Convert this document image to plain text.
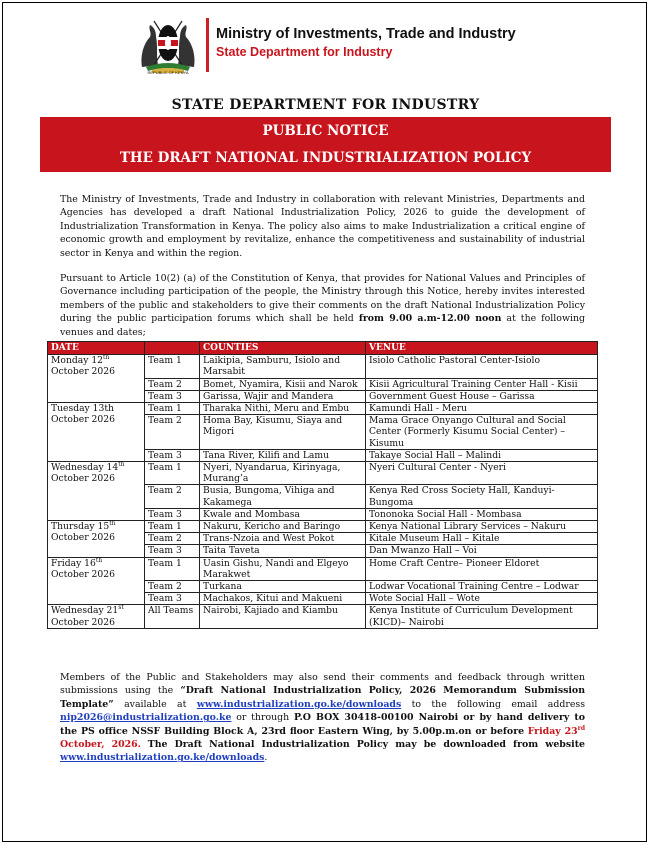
REPUBLIC OF KENYA
Ministry of Investments, Trade and Industry
State Department for Industry
STATE DEPARTMENT FOR INDUSTRY
PUBLIC NOTICE
THE DRAFT NATIONAL INDUSTRIALIZATION POLICY
The Ministry of Investments, Trade and Industry in collaboration with relevant Ministries, Departments and Agencies has developed a draft National Industrialization Policy, 2026 to guide the development of Industrialization Transformation in Kenya. The policy also aims to make Industrialization a critical engine of economic growth and employment by revitalize, enhance the competitiveness and sustainability of industrial sector in Kenya and within the region.
Pursuant to Article 10(2) (a) of the Constitution of Kenya, that provides for National Values and Principles of Governance including participation of the people, the Ministry through this Notice, hereby invites interested members of the public and stakeholders to give their comments on the draft National Industrialization Policy during the public participation forums which shall be held from 9.00 a.m-12.00 noon at the following venues and dates;
DATE		COUNTIES	VENUE
Monday 12th
October 2026	Team 1	Laikipia, Samburu, Isiolo and Marsabit	Isiolo Catholic Pastoral Center-Isiolo
	Team 2	Bomet, Nyamira, Kisii and Narok	Kisii Agricultural Training Center Hall - Kisii
	Team 3	Garissa, Wajir and Mandera	Government Guest House – Garissa
Tuesday 13th
October 2026	Team 1	Tharaka Nithi, Meru and Embu	Kamundi Hall - Meru
	Team 2	Homa Bay, Kisumu, Siaya and Migori	Mama Grace Onyango Cultural and Social Center (Formerly Kisumu Social Center) – Kisumu
	Team 3	Tana River, Kilifi and Lamu	Takaye Social Hall – Malindi
Wednesday 14th
October 2026	Team 1	Nyeri, Nyandarua, Kirinyaga, Murang’a	Nyeri Cultural Center - Nyeri
	Team 2	Busia, Bungoma, Vihiga and Kakamega	Kenya Red Cross Society Hall, Kanduyi- Bungoma
	Team 3	Kwale and Mombasa	Tononoka Social Hall - Mombasa
Thursday 15th
October 2026	Team 1	Nakuru, Kericho and Baringo	Kenya National Library Services – Nakuru
	Team 2	Trans-Nzoia and West Pokot	Kitale Museum Hall – Kitale
	Team 3	Taita Taveta	Dan Mwanzo Hall – Voi
Friday 16th
October 2026	Team 1	Uasin Gishu, Nandi and Elgeyo Marakwet	Home Craft Centre– Pioneer Eldoret
	Team 2	Turkana	Lodwar Vocational Training Centre – Lodwar
	Team 3	Machakos, Kitui and Makueni	Wote Social Hall – Wote
Wednesday 21st
October 2026	All Teams	Nairobi, Kajiado and Kiambu	Kenya Institute of Curriculum Development (KICD)– Nairobi
Members of the Public and Stakeholders may also send their comments and feedback through written submissions using the “Draft National Industrialization Policy, 2026 Memorandum Submission Template” available at www.industrialization.go.ke/downloads to the following email address nip2026@industrialization.go.ke or through P.O BOX 30418-00100 Nairobi or by hand delivery to the PS office NSSF Building Block A, 23rd floor Eastern Wing, by 5.00p.m.on or before Friday 23rd October, 2026. The Draft National Industrialization Policy may be downloaded from website www.industrialization.go.ke/downloads.
